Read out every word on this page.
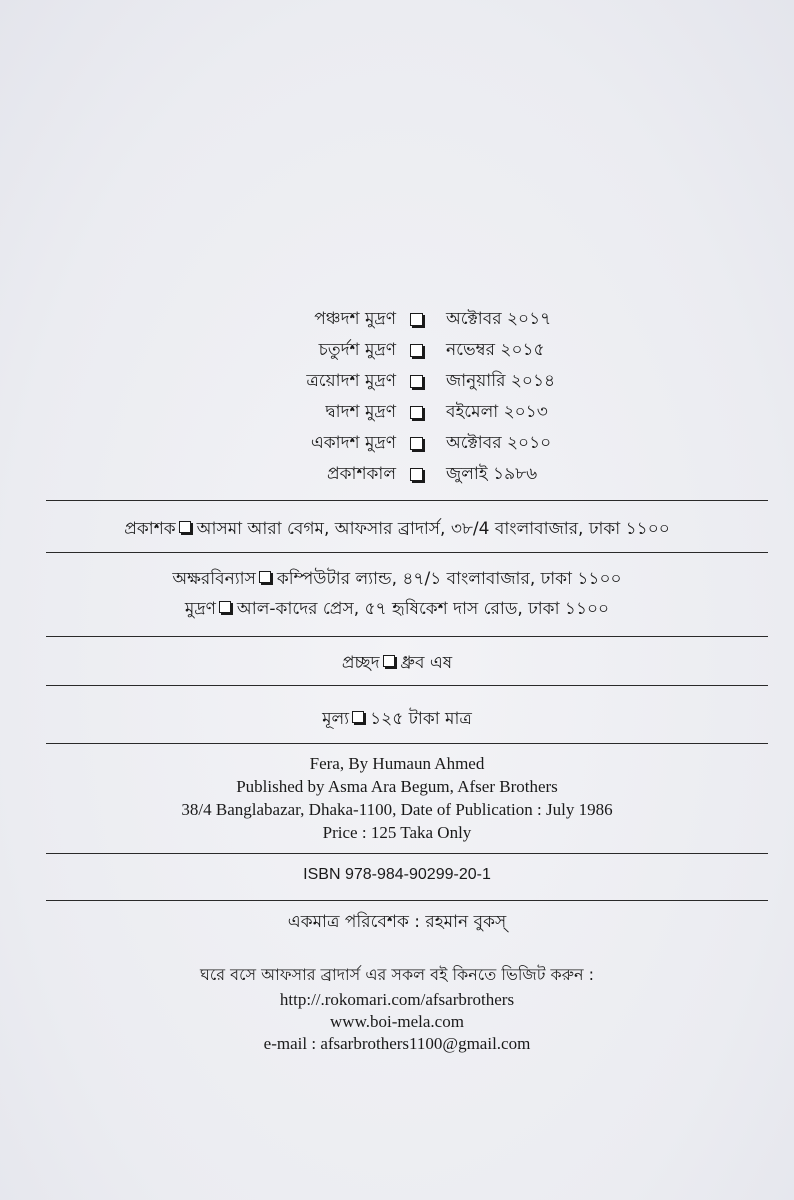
পঞ্চদশ মুদ্রণ	অক্টোবর ২০১৭
চতুর্দশ মুদ্রণ	নভেম্বর ২০১৫
ত্রয়োদশ মুদ্রণ	জানুয়ারি ২০১৪
দ্বাদশ মুদ্রণ	বইমেলা ২০১৩
একাদশ মুদ্রণ	অক্টোবর ২০১০
প্রকাশকাল	জুলাই ১৯৮৬
প্রকাশক আসমা আরা বেগম, আফসার ব্রাদার্স, ৩৮/4 বাংলাবাজার, ঢাকা ১১০০
অক্ষরবিন্যাস কম্পিউটার ল্যান্ড, ৪৭/১ বাংলাবাজার, ঢাকা ১১০০
মুদ্রণ আল-কাদের প্রেস, ৫৭ হৃষিকেশ দাস রোড, ঢাকা ১১০০
প্রচ্ছদ ধ্রুব এষ
মূল্য ১২৫ টাকা মাত্র
Fera, By Humaun Ahmed
Published by Asma Ara Begum, Afser Brothers
38/4 Banglabazar, Dhaka-1100, Date of Publication : July 1986
Price : 125 Taka Only
ISBN 978-984-90299-20-1
একমাত্র পরিবেশক : রহমান বুকস্
ঘরে বসে আফসার ব্রাদার্স এর সকল বই কিনতে ভিজিট করুন :
http://.rokomari.com/afsarbrothers
www.boi-mela.com
e-mail : afsarbrothers1100@gmail.com
